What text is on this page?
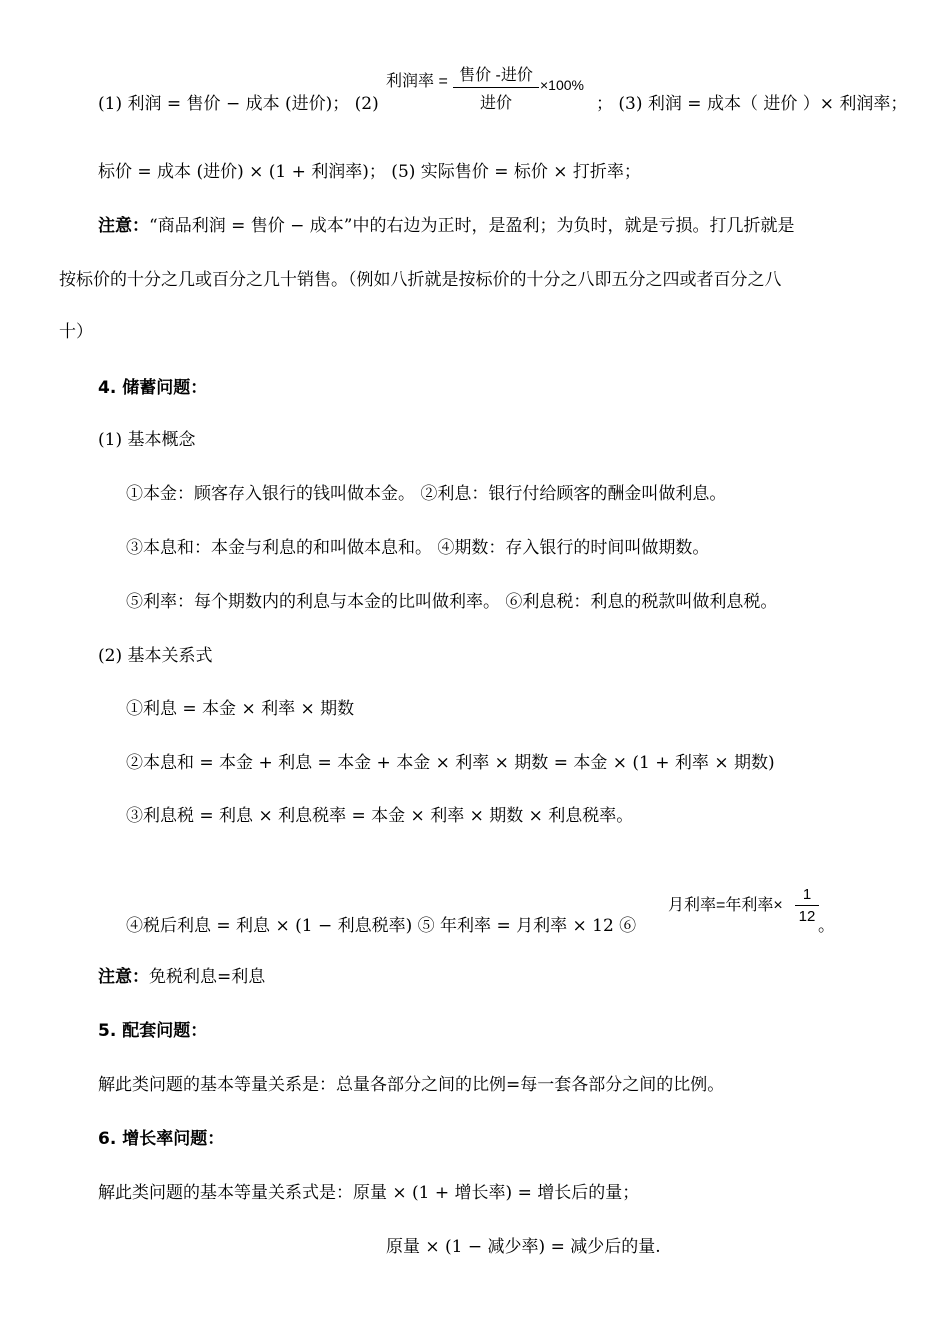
(1) 利润 = 售价 − 成本 (进价)； (2)
利润率 = 售价 -进价
进价
×100%
； (3) 利润 = 成本（ 进价 ）× 利润率；
标价 = 成本 (进价) × (1 + 利润率)； (5) 实际售价 = 标价 × 打折率；
注意：“商品利润 = 售价 − 成本”中的右边为正时，是盈利；为负时，就是亏损。打几折就是
按标价的十分之几或百分之几十销售。（例如八折就是按标价的十分之八即五分之四或者百分之八
十）
4. 储蓄问题：
(1) 基本概念
①本金：顾客存入银行的钱叫做本金。 ②利息：银行付给顾客的酬金叫做利息。
③本息和：本金与利息的和叫做本息和。 ④期数：存入银行的时间叫做期数。
⑤利率：每个期数内的利息与本金的比叫做利率。 ⑥利息税：利息的税款叫做利息税。
(2) 基本关系式
①利息 = 本金 × 利率 × 期数
②本息和 = 本金 + 利息 = 本金 + 本金 × 利率 × 期数 = 本金 × (1 + 利率 × 期数)
③利息税 = 利息 × 利息税率 = 本金 × 利率 × 期数 × 利息税率。
④税后利息 = 利息 × (1 − 利息税率) ⑤ 年利率 = 月利率 × 12 ⑥
月利率=年利率× $\frac{1}{12}$
。
注意：免税利息=利息
5. 配套问题：
解此类问题的基本等量关系是：总量各部分之间的比例=每一套各部分之间的比例。
6. 增长率问题：
解此类问题的基本等量关系式是：原量 × (1 + 增长率) = 增长后的量；
原量 × (1 − 减少率) = 减少后的量.
